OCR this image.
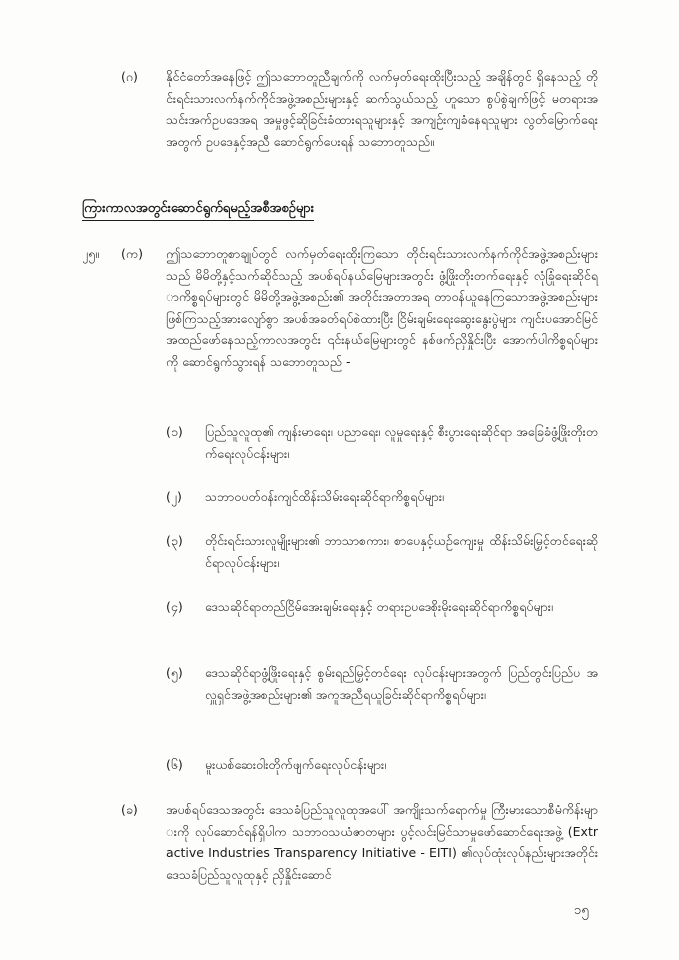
(ဂ) နိုင်ငံတော်အနေဖြင့် ဤသဘောတူညီချက်ကို လက်မှတ်ရေးထိုးပြီးသည့် အချိန်တွင် ရှိနေသည့် တိုင်းရင်းသားလက်နက်ကိုင်အဖွဲ့အစည်းများနှင့် ဆက်သွယ်သည့် ဟူသော စွပ်စွဲချက်ဖြင့် မတရားအသင်းအက်ဥပဒေအရ အမှုဖွင့်ဆိုခြင်းခံထားရသူများနှင့် အကျဉ်းကျခံနေရသူများ လွတ်မြောက်ရေးအတွက် ဥပဒေနှင့်အညီ ဆောင်ရွက်ပေးရန် သဘောတူသည်။
ကြားကာလအတွင်းဆောင်ရွက်ရမည့်အစီအစဉ်များ
၂၅။ (က) ဤသဘောတူစာချုပ်တွင် လက်မှတ်ရေးထိုးကြသော တိုင်းရင်းသားလက်နက်ကိုင်အဖွဲ့အစည်းများသည် မိမိတို့နှင့်သက်ဆိုင်သည့် အပစ်ရပ်နယ်မြေများအတွင်း ဖွံ့ဖြိုးတိုးတက်ရေးနှင့် လုံခြုံရေးဆိုင်ရာကိစ္စရပ်များတွင် မိမိတို့အဖွဲ့အစည်း၏ အတိုင်းအတာအရ တာဝန်ယူနေကြသောအဖွဲ့အစည်းများဖြစ်ကြသည့်အားလျော်စွာ အပစ်အခတ်ရပ်စဲထားပြီး ငြိမ်းချမ်းရေးဆွေးနွေးပွဲများ ကျင်းပအောင်မြင်အထည်ဖော်နေသည့်ကာလအတွင်း ၎င်းနယ်မြေများတွင် နစ်ဖက်ညှိနှိုင်းပြီး အောက်ပါကိစ္စရပ်များကို ဆောင်ရွက်သွားရန် သဘောတူသည် -
(၁) ပြည်သူလူထု၏ ကျန်းမာရေး၊ ပညာရေး၊ လူမှုရေးနှင့် စီးပွားရေးဆိုင်ရာ အခြေခံဖွံ့ဖြိုးတိုးတက်ရေးလုပ်ငန်းများ၊
(၂) သဘာဝပတ်ဝန်းကျင်ထိန်းသိမ်းရေးဆိုင်ရာကိစ္စရပ်များ၊
(၃) တိုင်းရင်းသားလူမျိုးများ၏ ဘာသာစကား၊ စာပေနှင့်ယဉ်ကျေးမှု ထိန်းသိမ်းမြှင့်တင်ရေးဆိုင်ရာလုပ်ငန်းများ၊
(၄) ဒေသဆိုင်ရာတည်ငြိမ်အေးချမ်းရေးနှင့် တရားဥပဒေစိုးမိုးရေးဆိုင်ရာကိစ္စရပ်များ၊
(၅) ဒေသဆိုင်ရာဖွံ့ဖြိုးရေးနှင့် စွမ်းရည်မြှင့်တင်ရေး လုပ်ငန်းများအတွက် ပြည်တွင်းပြည်ပ အလှူရှင်အဖွဲ့အစည်းများ၏ အကူအညီရယူခြင်းဆိုင်ရာကိစ္စရပ်များ၊
(၆) မူးယစ်ဆေးဝါးတိုက်ဖျက်ရေးလုပ်ငန်းများ၊
(ခ) အပစ်ရပ်ဒေသအတွင်း ဒေသခံပြည်သူလူထုအပေါ် အကျိုးသက်ရောက်မှု ကြီးမားသောစီမံကိန်းများကို လုပ်ဆောင်ရန်ရှိပါက သဘာဝသယံဇာတများ ပွင့်လင်းမြင်သာမှုဖော်ဆောင်ရေးအဖွဲ့ (Extractive Industries Transparency Initiative - EITI) ၏လုပ်ထုံးလုပ်နည်းများအတိုင်း ဒေသခံပြည်သူလူထုနှင့် ညှိနှိုင်းဆောင်
၁၅
